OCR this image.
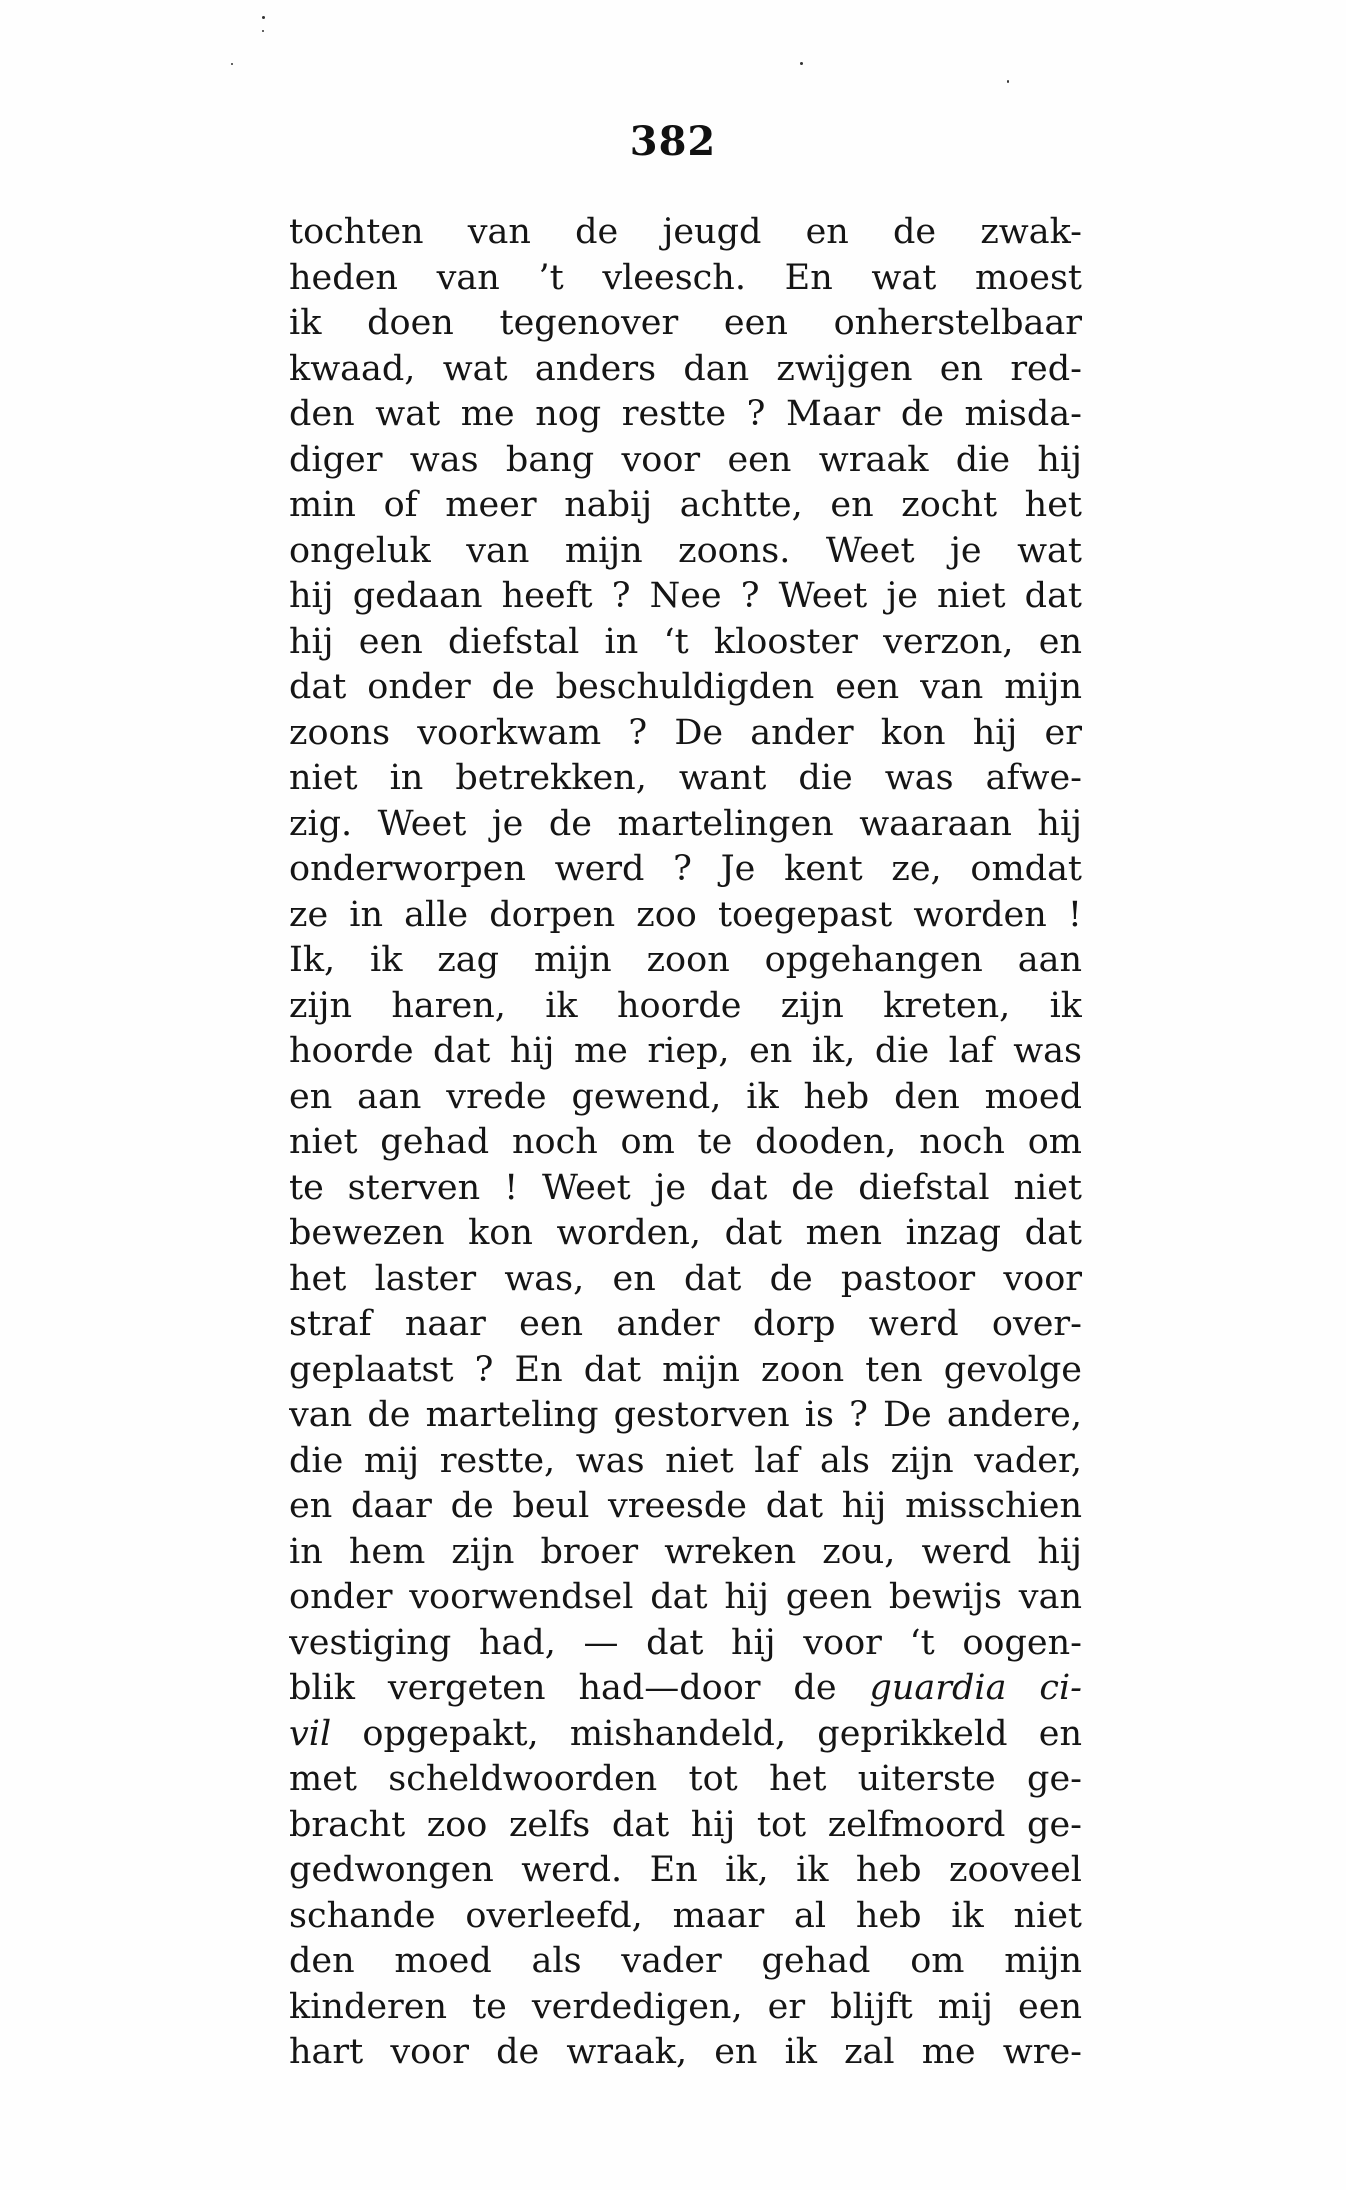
382
tochten van de jeugd en de zwak-
heden van ’t vleesch. En wat moest
ik doen tegenover een onherstelbaar
kwaad, wat anders dan zwijgen en red-
den wat me nog restte ? Maar de misda-
diger was bang voor een wraak die hij
min of meer nabij achtte, en zocht het
ongeluk van mijn zoons. Weet je wat
hij gedaan heeft ? Nee ? Weet je niet dat
hij een diefstal in ‘t klooster verzon, en
dat onder de beschuldigden een van mijn
zoons voorkwam ? De ander kon hij er
niet in betrekken, want die was afwe-
zig. Weet je de martelingen waaraan hij
onderworpen werd ? Je kent ze, omdat
ze in alle dorpen zoo toegepast worden !
Ik, ik zag mijn zoon opgehangen aan
zijn haren, ik hoorde zijn kreten, ik
hoorde dat hij me riep, en ik, die laf was
en aan vrede gewend, ik heb den moed
niet gehad noch om te dooden, noch om
te sterven ! Weet je dat de diefstal niet
bewezen kon worden, dat men inzag dat
het laster was, en dat de pastoor voor
straf naar een ander dorp werd over-
geplaatst ? En dat mijn zoon ten gevolge
van de marteling gestorven is ? De andere,
die mij restte, was niet laf als zijn vader,
en daar de beul vreesde dat hij misschien
in hem zijn broer wreken zou, werd hij
onder voorwendsel dat hij geen bewijs van
vestiging had, — dat hij voor ‘t oogen-
blik vergeten had—door de guardia ci-
vil opgepakt, mishandeld, geprikkeld en
met scheldwoorden tot het uiterste ge-
bracht zoo zelfs dat hij tot zelfmoord ge-
gedwongen werd. En ik, ik heb zooveel
schande overleefd, maar al heb ik niet
den moed als vader gehad om mijn
kinderen te verdedigen, er blijft mij een
hart voor de wraak, en ik zal me wre-
